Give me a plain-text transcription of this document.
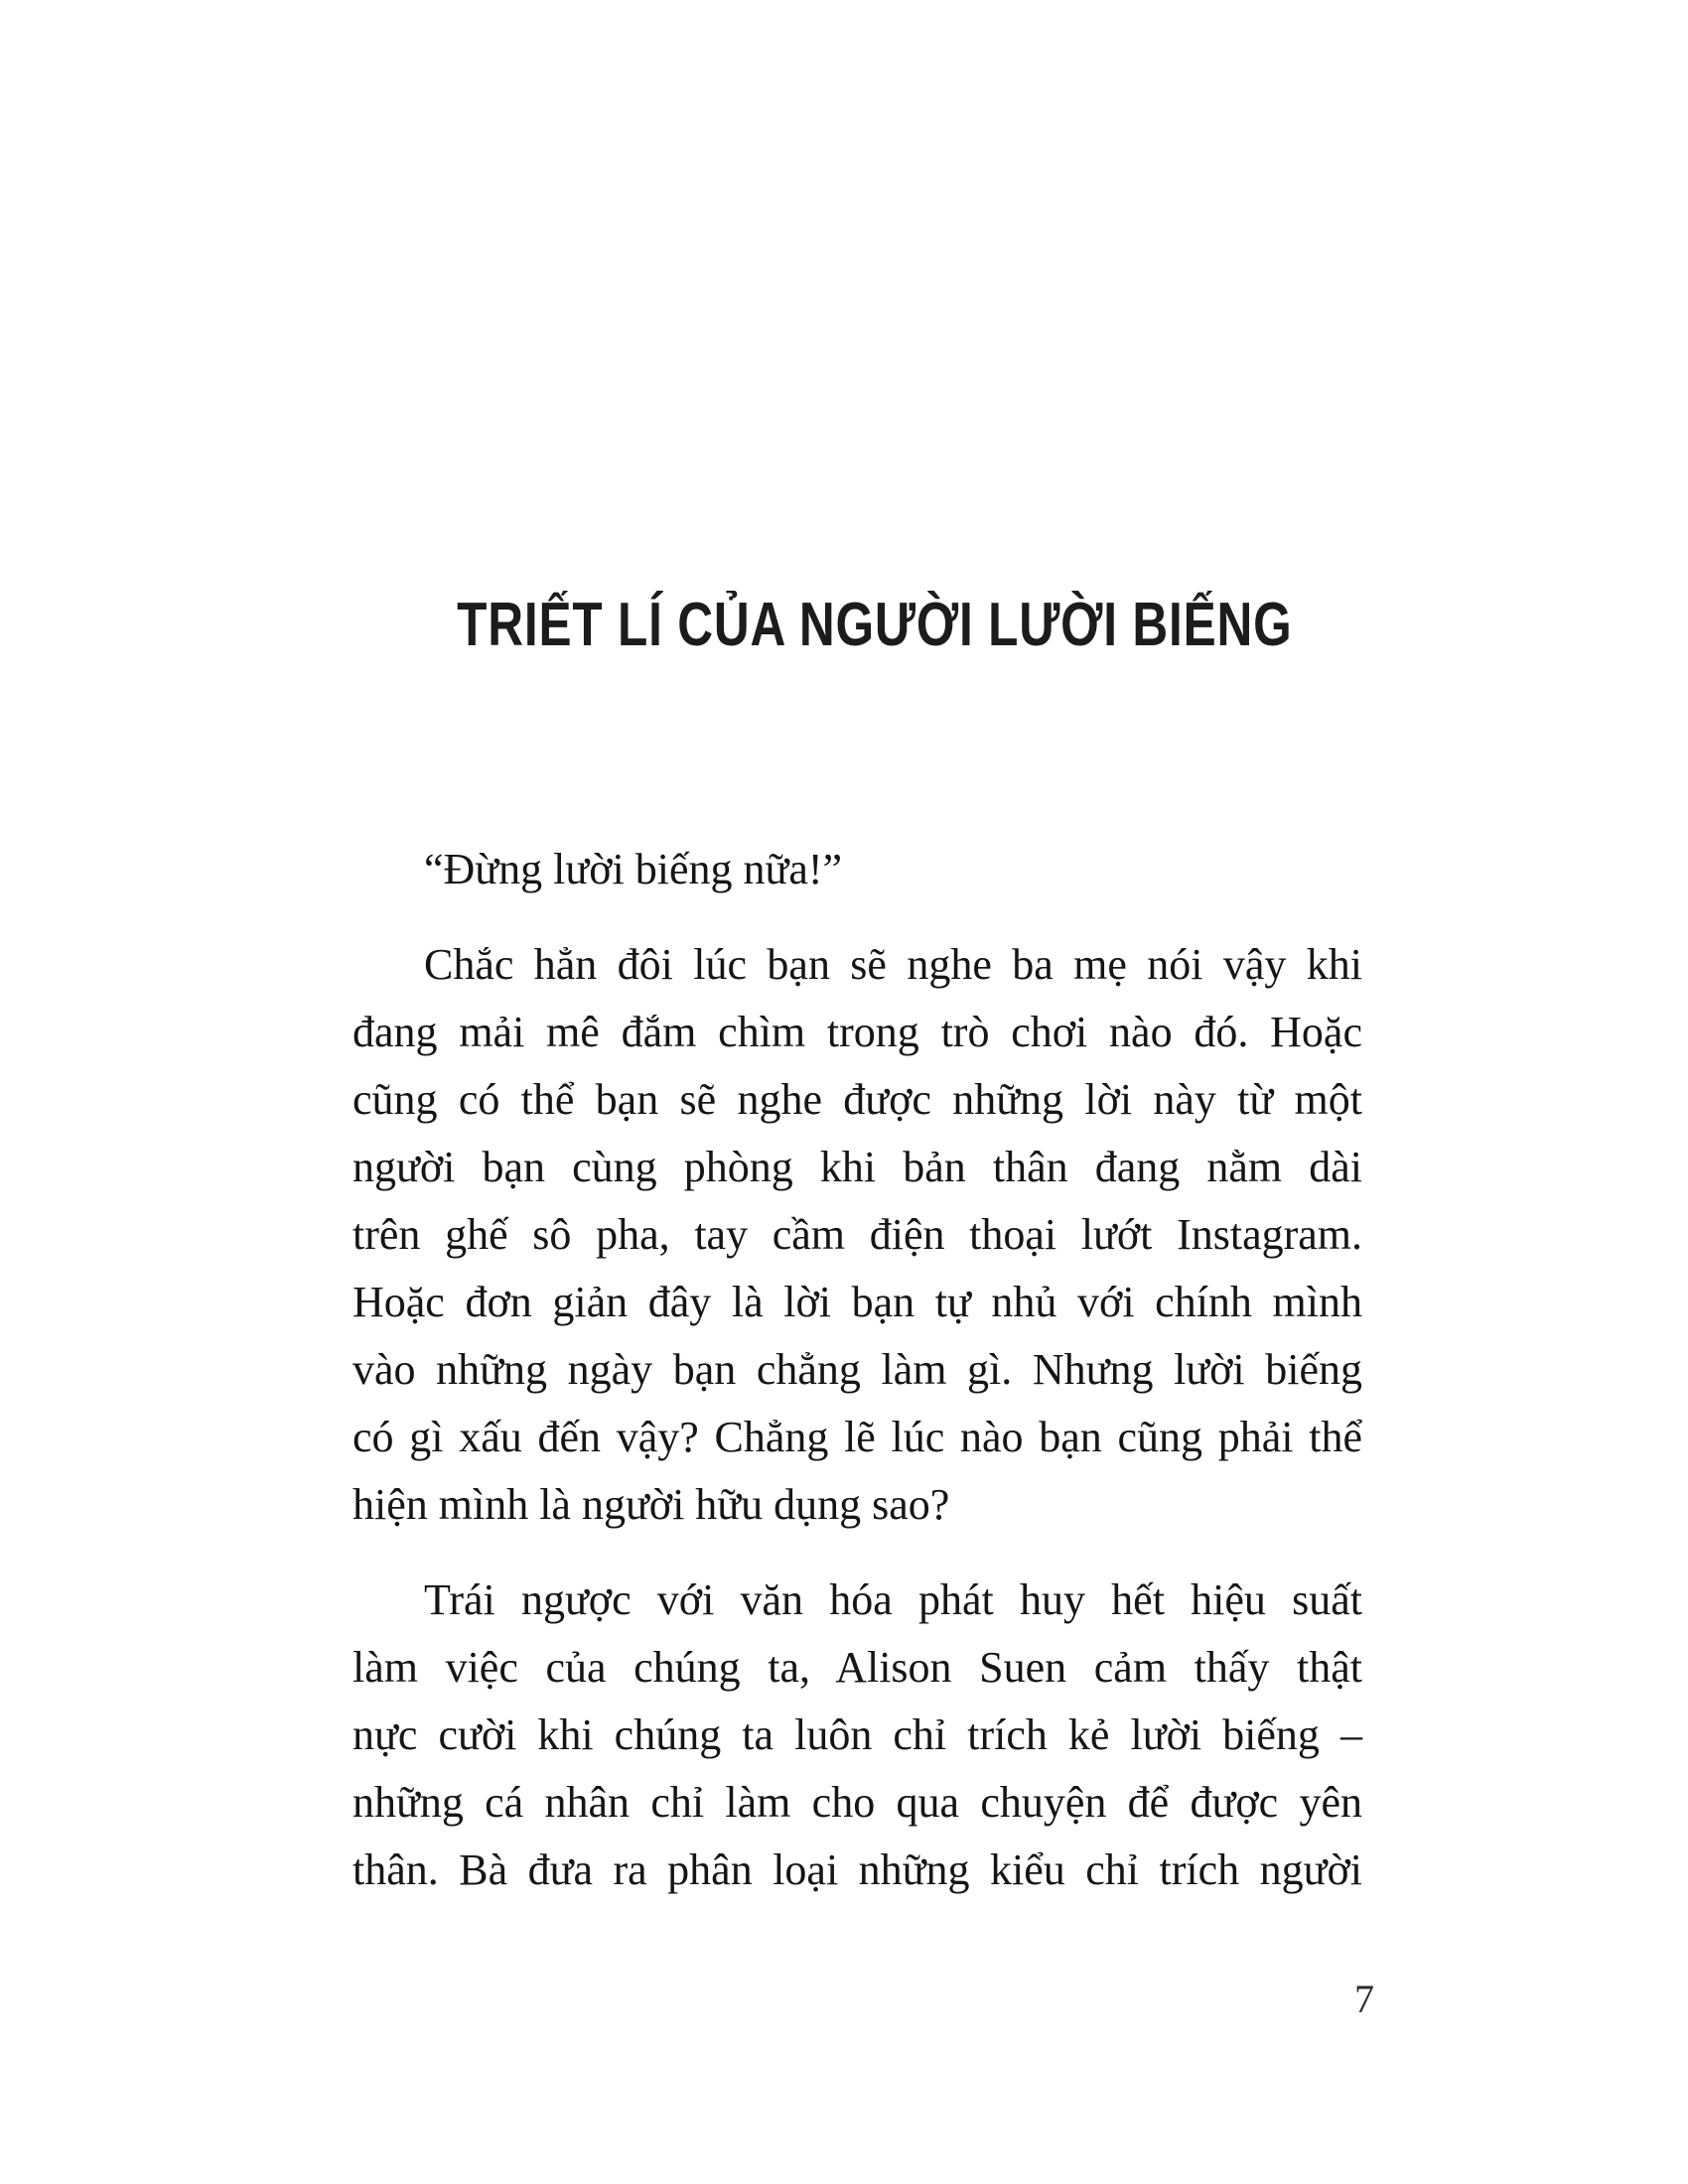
TRIẾT LÍ CỦA NGƯỜI LƯỜI BIẾNG
“Đừng lười biếng nữa!”
Chắc hẳn đôi lúc bạn sẽ nghe ba mẹ nói vậy khi
đang mải mê đắm chìm trong trò chơi nào đó. Hoặc
cũng có thể bạn sẽ nghe được những lời này từ một
người bạn cùng phòng khi bản thân đang nằm dài
trên ghế sô pha, tay cầm điện thoại lướt Instagram.
Hoặc đơn giản đây là lời bạn tự nhủ với chính mình
vào những ngày bạn chẳng làm gì. Nhưng lười biếng
có gì xấu đến vậy? Chẳng lẽ lúc nào bạn cũng phải thể
hiện mình là người hữu dụng sao?
Trái ngược với văn hóa phát huy hết hiệu suất
làm việc của chúng ta, Alison Suen cảm thấy thật
nực cười khi chúng ta luôn chỉ trích kẻ lười biếng –
những cá nhân chỉ làm cho qua chuyện để được yên
thân. Bà đưa ra phân loại những kiểu chỉ trích người
7
